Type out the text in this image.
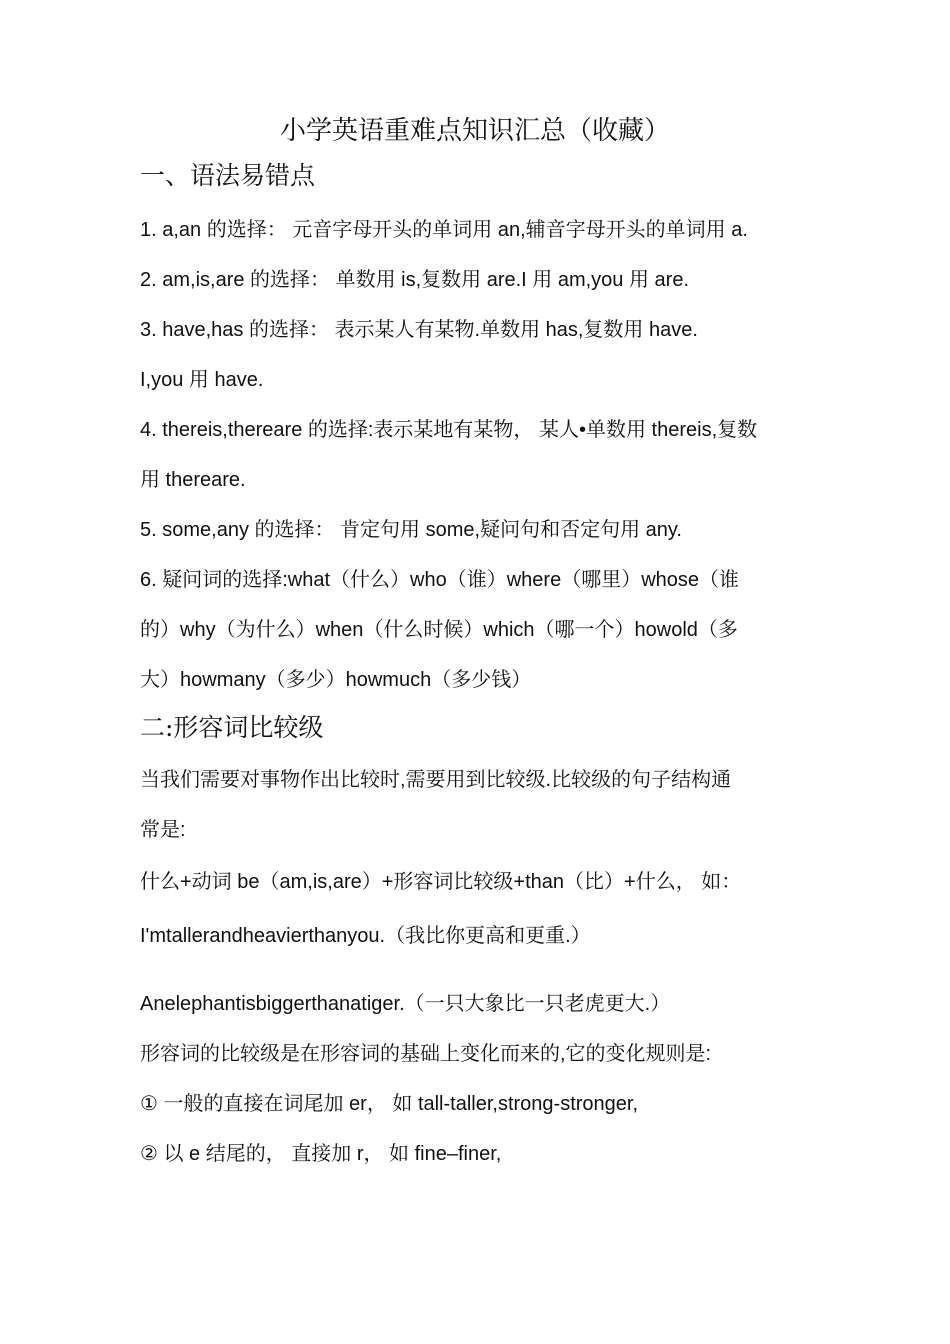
小学英语重难点知识汇总（收藏）
一、语法易错点
1. a,an 的选择： 元音字母开头的单词用 an,辅音字母开头的单词用 a.
2. am,is,are 的选择： 单数用 is,复数用 are.I 用 am,you 用 are.
3. have,has 的选择： 表示某人有某物.单数用 has,复数用 have.
I,you 用 have.
4. thereis,thereare 的选择:表示某地有某物， 某人•单数用 thereis,复数
用 thereare.
5. some,any 的选择： 肯定句用 some,疑问句和否定句用 any.
6. 疑问词的选择:what（什么）who（谁）where（哪里）whose（谁
的）why（为什么）when（什么时候）which（哪一个）howold（多
大）howmany（多少）howmuch（多少钱）
二:形容词比较级
当我们需要对事物作出比较时,需要用到比较级.比较级的句子结构通
常是:
什么+动词 be（am,is,are）+形容词比较级+than（比）+什么， 如：
I'mtallerandheavierthanyou.（我比你更高和更重.）
Anelephantisbiggerthanatiger.（一只大象比一只老虎更大.）
形容词的比较级是在形容词的基础上变化而来的,它的变化规则是:
① 一般的直接在词尾加 er， 如 tall-taller,strong-stronger,
② 以 e 结尾的， 直接加 r， 如 fine–finer,
